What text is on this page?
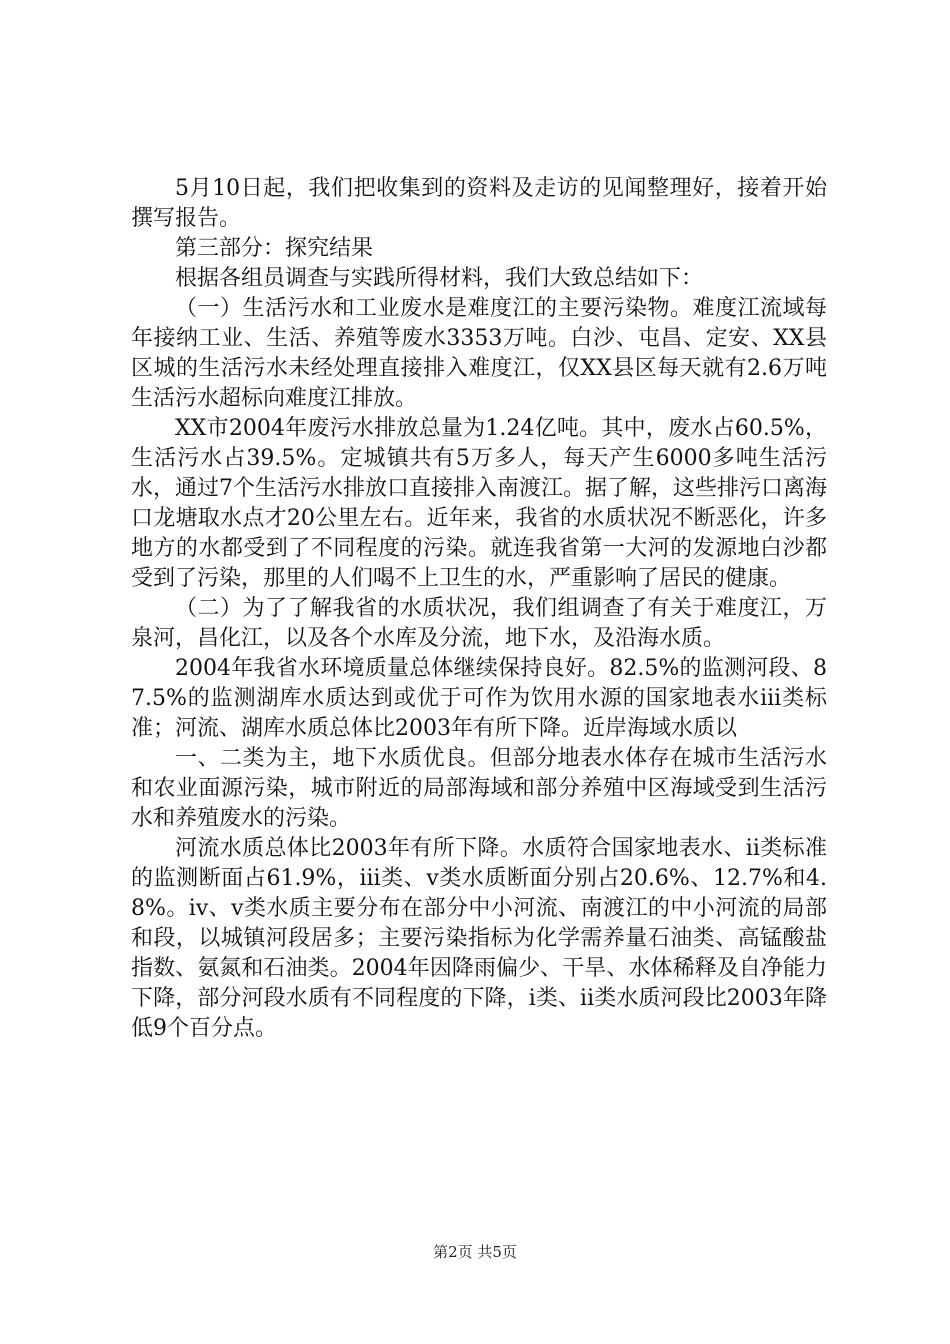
5月10日起，我们把收集到的资料及走访的见闻整理好，接着开始撰写报告。

第三部分：探究结果

根据各组员调查与实践所得材料，我们大致总结如下：

（一）生活污水和工业废水是难度江的主要污染物。难度江流域每年接纳工业、生活、养殖等废水3353万吨。白沙、屯昌、定安、XX县区城的生活污水未经处理直接排入难度江，仅XX县区每天就有2.6万吨生活污水超标向难度江排放。

XX市2004年废污水排放总量为1.24亿吨。其中，废水占60.5%，生活污水占39.5%。定城镇共有5万多人，每天产生6000多吨生活污水，通过7个生活污水排放口直接排入南渡江。据了解，这些排污口离海口龙塘取水点才20公里左右。近年来，我省的水质状况不断恶化，许多地方的水都受到了不同程度的污染。就连我省第一大河的发源地白沙都受到了污染，那里的人们喝不上卫生的水，严重影响了居民的健康。

（二）为了了解我省的水质状况，我们组调查了有关于难度江，万泉河，昌化江，以及各个水库及分流，地下水，及沿海水质。

2004年我省水环境质量总体继续保持良好。82.5%的监测河段、87.5%的监测湖库水质达到或优于可作为饮用水源的国家地表水iii类标准；河流、湖库水质总体比2003年有所下降。近岸海域水质以

一、二类为主，地下水质优良。但部分地表水体存在城市生活污水和农业面源污染，城市附近的局部海域和部分养殖中区海域受到生活污水和养殖废水的污染。

河流水质总体比2003年有所下降。水质符合国家地表水、ii类标准的监测断面占61.9%，iii类、v类水质断面分别占20.6%、12.7%和4.8%。iv、v类水质主要分布在部分中小河流、南渡江的中小河流的局部和段，以城镇河段居多；主要污染指标为化学需养量石油类、高锰酸盐指数、氨氮和石油类。2004年因降雨偏少、干旱、水体稀释及自净能力下降，部分河段水质有不同程度的下降，i类、ii类水质河段比2003年降低9个百分点。

第2页 共5页
